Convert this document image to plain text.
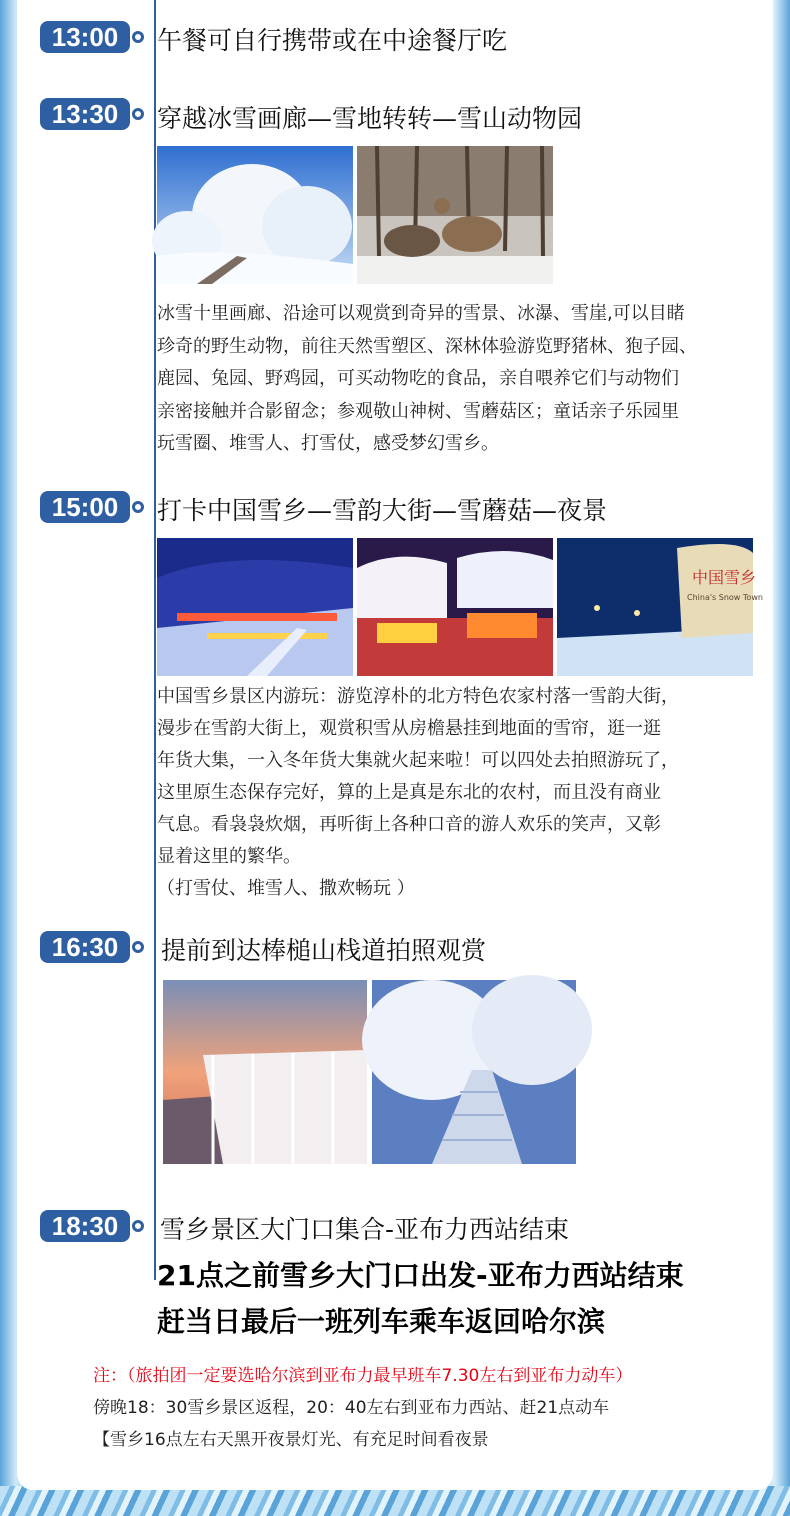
13:00	午餐可自行携带或在中途餐厅吃
13:30	穿越冰雪画廊—雪地转转—雪山动物园
冰雪十里画廊、沿途可以观赏到奇异的雪景、冰瀑、雪崖,可以目睹
珍奇的野生动物，前往天然雪塑区、深林体验游览野猪林、狍子园、
鹿园、兔园、野鸡园，可买动物吃的食品，亲自喂养它们与动物们
亲密接触并合影留念；参观敬山神树、雪蘑菇区；童话亲子乐园里
玩雪圈、堆雪人、打雪仗，感受梦幻雪乡。
15:00	打卡中国雪乡—雪韵大街—雪蘑菇—夜景
中国雪乡
China's Snow Town
中国雪乡景区内游玩：游览淳朴的北方特色农家村落一雪韵大街，
漫步在雪韵大街上，观赏积雪从房檐悬挂到地面的雪帘，逛一逛
年货大集，一入冬年货大集就火起来啦！可以四处去拍照游玩了，
这里原生态保存完好，算的上是真是东北的农村，而且没有商业
气息。看袅袅炊烟，再听街上各种口音的游人欢乐的笑声，又彰
显着这里的繁华。
（打雪仗、堆雪人、撒欢畅玩 ）
16:30	提前到达棒槌山栈道拍照观赏
18:30	雪乡景区大门口集合-亚布力西站结束
21点之前雪乡大门口出发-亚布力西站结束
赶当日最后一班列车乘车返回哈尔滨
注：（旅拍团一定要选哈尔滨到亚布力最早班车7.30左右到亚布力动车）
傍晚18：30雪乡景区返程，20：40左右到亚布力西站、赶21点动车
【雪乡16点左右天黑开夜景灯光、有充足时间看夜景
